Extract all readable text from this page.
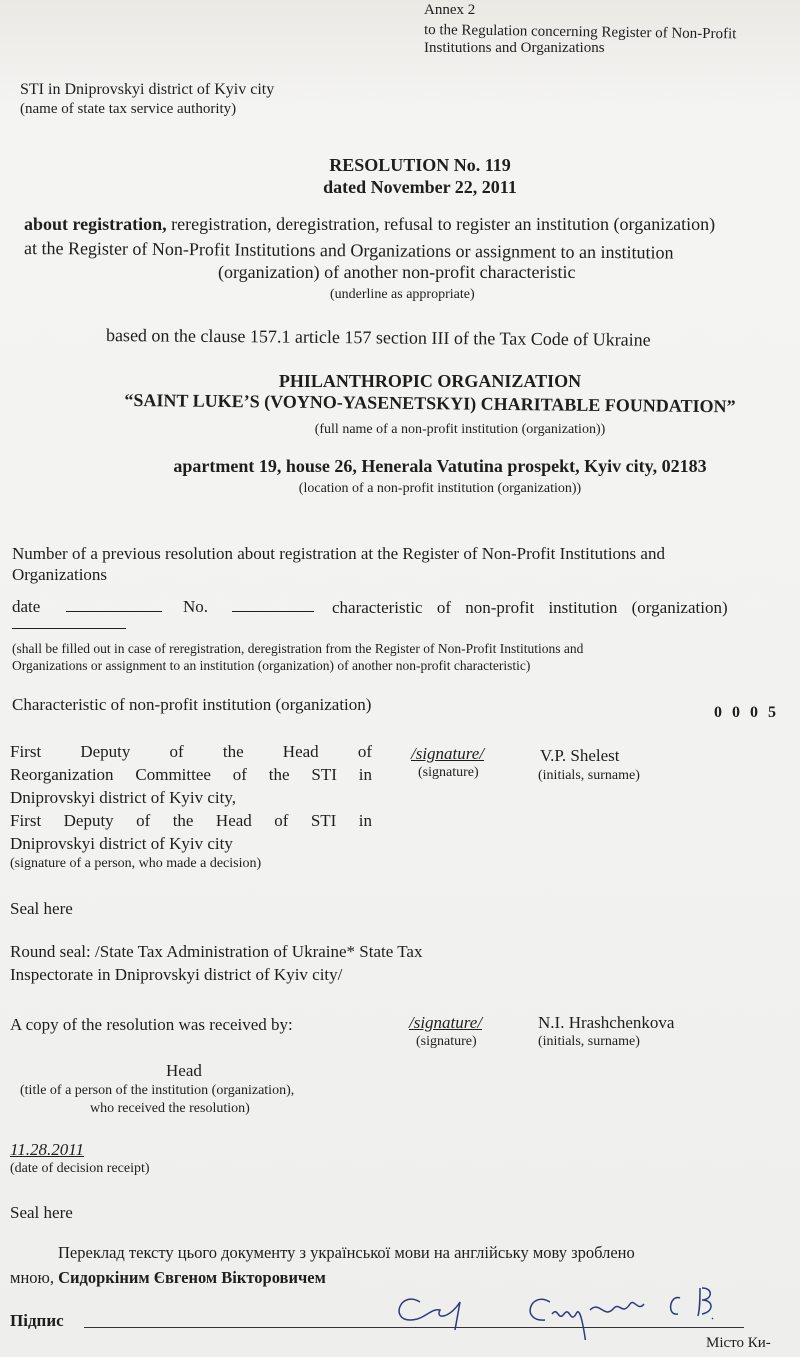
Annex 2
to the Regulation concerning Register of Non-Profit
Institutions and Organizations
STI in Dniprovskyi district of Kyiv city
(name of state tax service authority)
RESOLUTION No. 119
dated November 22, 2011
about registration, reregistration, deregistration, refusal to register an institution (organization)
at the Register of Non-Profit Institutions and Organizations or assignment to an institution
(organization) of another non-profit characteristic
(underline as appropriate)
based on the clause 157.1 article 157 section III of the Tax Code of Ukraine
PHILANTHROPIC ORGANIZATION
“SAINT LUKE’S (VOYNO-YASENETSKYI) CHARITABLE FOUNDATION”
(full name of a non-profit institution (organization))
apartment 19, house 26, Henerala Vatutina prospekt, Kyiv city, 02183
(location of a non-profit institution (organization))
Number of a previous resolution about registration at the Register of Non-Profit Institutions and
Organizations
date	No.	characteristic of non-profit institution (organization)
(shall be filled out in case of reregistration, deregistration from the Register of Non-Profit Institutions and
Organizations or assignment to an institution (organization) of another non-profit characteristic)
Characteristic of non-profit institution (organization)	0 0 0 5
First Deputy of the Head of
Reorganization Committee of the STI in
Dniprovskyi district of Kyiv city,
First Deputy of the Head of STI in
Dniprovskyi district of Kyiv city
(signature of a person, who made a decision)
/signature/
(signature)
V.P. Shelest
(initials, surname)
Seal here
Round seal: /State Tax Administration of Ukraine* State Tax
Inspectorate in Dniprovskyi district of Kyiv city/
A copy of the resolution was received by:	/signature/
(signature)
N.I. Hrashchenkova
(initials, surname)
Head
(title of a person of the institution (organization),
who received the resolution)
11.28.2011
(date of decision receipt)
Seal here
Переклад тексту цього документу з української мови на англійську мову зроблено
мною, Сидоркіним Євгеном Вікторовичем
Підпис
Місто Ки-
